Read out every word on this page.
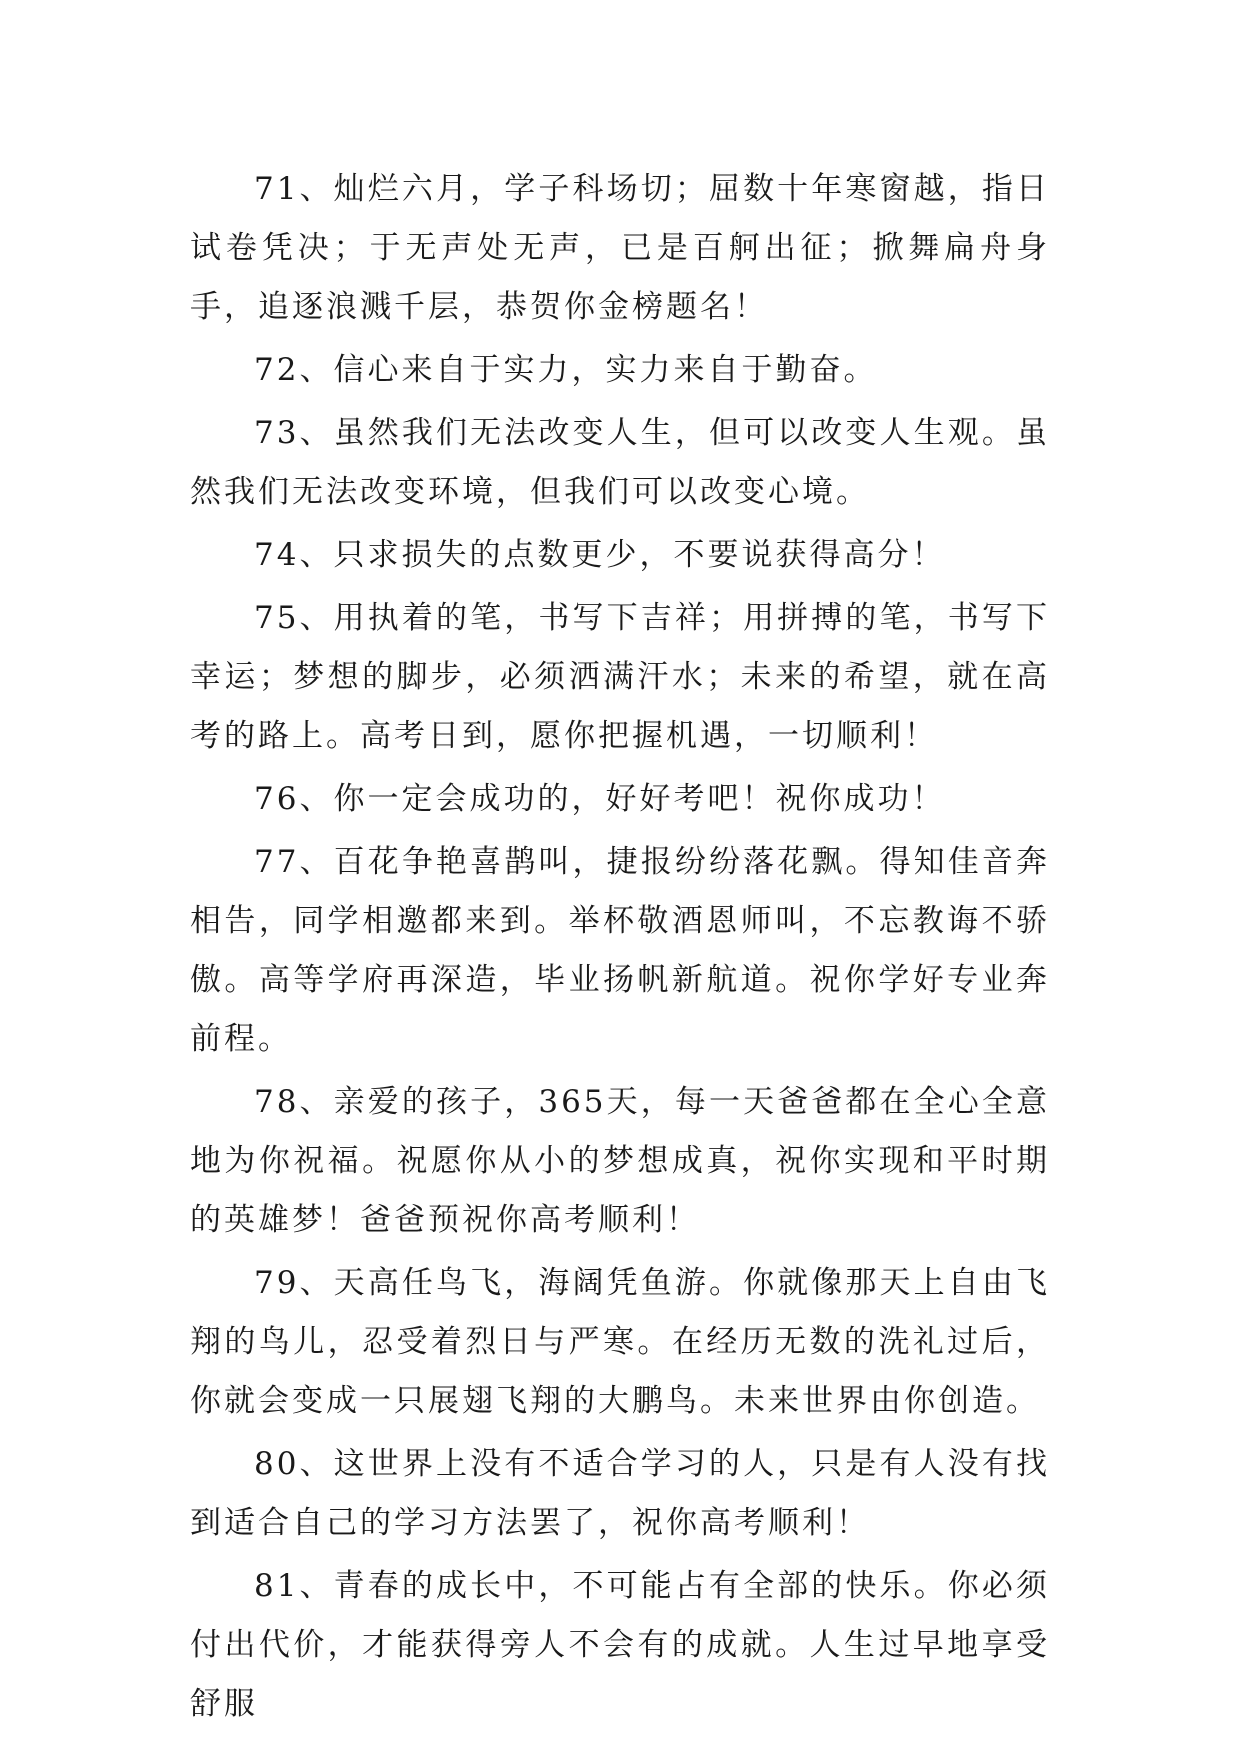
71、灿烂六月，学子科场切；屈数十年寒窗越，指日试卷凭决；于无声处无声，已是百舸出征；掀舞扁舟身手，追逐浪溅千层，恭贺你金榜题名！

72、信心来自于实力，实力来自于勤奋。

73、虽然我们无法改变人生，但可以改变人生观。虽然我们无法改变环境，但我们可以改变心境。

74、只求损失的点数更少，不要说获得高分！

75、用执着的笔，书写下吉祥；用拼搏的笔，书写下幸运；梦想的脚步，必须洒满汗水；未来的希望，就在高考的路上。高考日到，愿你把握机遇，一切顺利！

76、你一定会成功的，好好考吧！祝你成功！

77、百花争艳喜鹊叫，捷报纷纷落花飘。得知佳音奔相告，同学相邀都来到。举杯敬酒恩师叫，不忘教诲不骄傲。高等学府再深造，毕业扬帆新航道。祝你学好专业奔前程。

78、亲爱的孩子，365天，每一天爸爸都在全心全意地为你祝福。祝愿你从小的梦想成真，祝你实现和平时期的英雄梦！爸爸预祝你高考顺利！

79、天高任鸟飞，海阔凭鱼游。你就像那天上自由飞翔的鸟儿，忍受着烈日与严寒。在经历无数的洗礼过后，你就会变成一只展翅飞翔的大鹏鸟。未来世界由你创造。

80、这世界上没有不适合学习的人，只是有人没有找到适合自己的学习方法罢了，祝你高考顺利！

81、青春的成长中，不可能占有全部的快乐。你必须付出代价，才能获得旁人不会有的成就。人生过早地享受舒服
